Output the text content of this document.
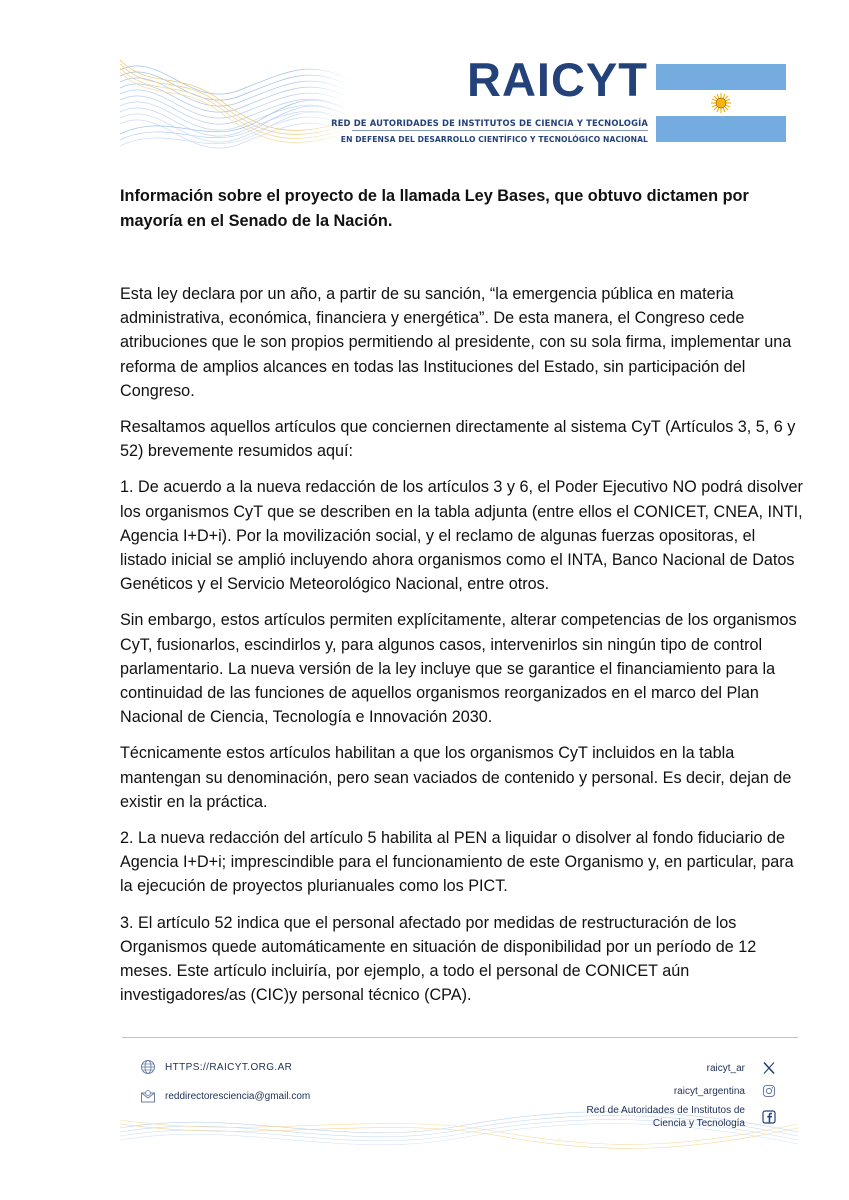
RAICYT
RED DE AUTORIDADES DE INSTITUTOS DE CIENCIA Y TECNOLOGÍA
EN DEFENSA DEL DESARROLLO CIENTÍFICO Y TECNOLÓGICO NACIONAL
Información sobre el proyecto de la llamada Ley Bases, que obtuvo dictamen por mayoría en el Senado de la Nación.

Esta ley declara por un año, a partir de su sanción, “la emergencia pública en materia administrativa, económica, financiera y energética”. De esta manera, el Congreso cede atribuciones que le son propios permitiendo al presidente, con su sola firma, implementar una reforma de amplios alcances en todas las Instituciones del Estado, sin participación del Congreso.

Resaltamos aquellos artículos que conciernen directamente al sistema CyT (Artículos 3, 5, 6 y 52) brevemente resumidos aquí:

1. De acuerdo a la nueva redacción de los artículos 3 y 6, el Poder Ejecutivo NO podrá disolver los organismos CyT que se describen en la tabla adjunta (entre ellos el CONICET, CNEA, INTI, Agencia I+D+i). Por la movilización social, y el reclamo de algunas fuerzas opositoras, el listado inicial se amplió incluyendo ahora organismos como el INTA, Banco Nacional de Datos Genéticos y el Servicio Meteorológico Nacional, entre otros.

Sin embargo, estos artículos permiten explícitamente, alterar competencias de los organismos CyT, fusionarlos, escindirlos y, para algunos casos, intervenirlos sin ningún tipo de control parlamentario. La nueva versión de la ley incluye que se garantice el financiamiento para la continuidad de las funciones de aquellos organismos reorganizados en el marco del Plan Nacional de Ciencia, Tecnología e Innovación 2030.

Técnicamente estos artículos habilitan a que los organismos CyT incluidos en la tabla mantengan su denominación, pero sean vaciados de contenido y personal. Es decir, dejan de existir en la práctica.

2. La nueva redacción del artículo 5 habilita al PEN a liquidar o disolver al fondo fiduciario de Agencia I+D+i; imprescindible para el funcionamiento de este Organismo y, en particular, para la ejecución de proyectos plurianuales como los PICT.

3. El artículo 52 indica que el personal afectado por medidas de restructuración de los Organismos quede automáticamente en situación de disponibilidad por un período de 12 meses. Este artículo incluiría, por ejemplo, a todo el personal de CONICET aún investigadores/as (CIC)y personal técnico (CPA).

HTTPS://RAICYT.ORG.AR
reddirectoresciencia@gmail.com
raicyt_ar
raicyt_argentina
Red de Autoridades de Institutos de
Ciencia y Tecnología
